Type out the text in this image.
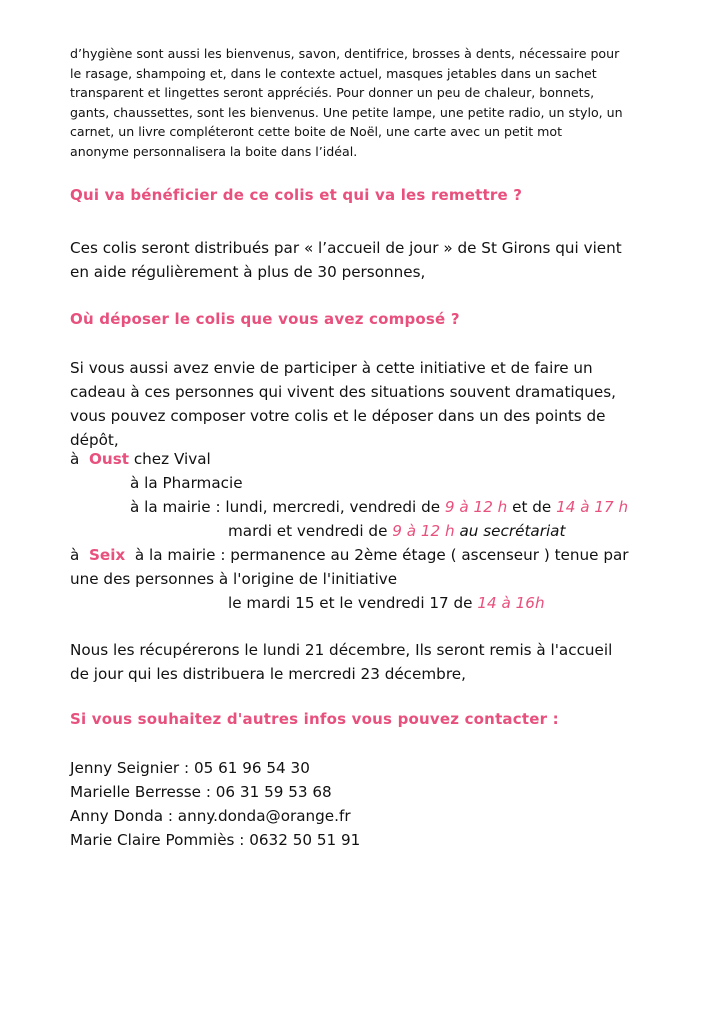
d’hygiène sont aussi les bienvenus, savon, dentifrice, brosses à dents, nécessaire pour
le rasage, shampoing et, dans le contexte actuel, masques jetables dans un sachet
transparent et lingettes seront appréciés. Pour donner un peu de chaleur, bonnets,
gants, chaussettes, sont les bienvenus. Une petite lampe, une petite radio, un stylo, un
carnet, un livre compléteront cette boite de Noël, une carte avec un petit mot
anonyme personnalisera la boite dans l’idéal.
Qui va bénéficier de ce colis et qui va les remettre ?
Ces colis seront distribués par « l’accueil de jour » de St Girons qui vient
en aide régulièrement à plus de 30 personnes,
Où déposer le colis que vous avez composé ?
Si vous aussi avez envie de participer à cette initiative et de faire un
cadeau à ces personnes qui vivent des situations souvent dramatiques,
vous pouvez composer votre colis et le déposer dans un des points de
dépôt,
à Oust chez Vival
à la Pharmacie
à la mairie : lundi, mercredi, vendredi de 9 à 12 h et de 14 à 17 h
mardi et vendredi de 9 à 12 h au secrétariat
à Seix à la mairie : permanence au 2ème étage ( ascenseur ) tenue par
une des personnes à l'origine de l'initiative
le mardi 15 et le vendredi 17 de 14 à 16h
Nous les récupérerons le lundi 21 décembre, Ils seront remis à l'accueil
de jour qui les distribuera le mercredi 23 décembre,
Si vous souhaitez d'autres infos vous pouvez contacter :
Jenny Seignier : 05 61 96 54 30
Marielle Berresse : 06 31 59 53 68
Anny Donda : anny.donda@orange.fr
Marie Claire Pommiès : 0632 50 51 91
